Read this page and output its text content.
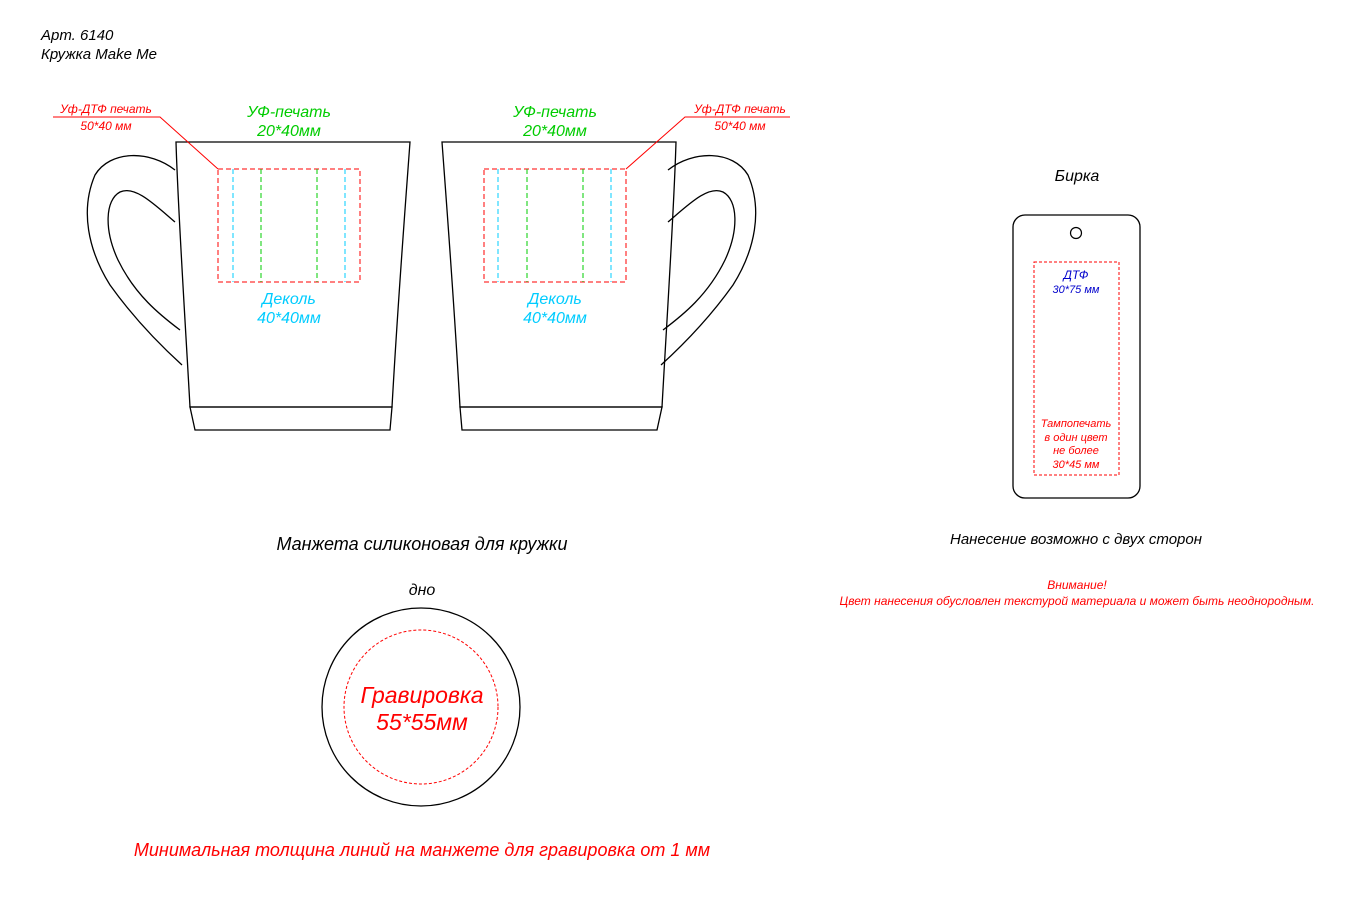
Арт. 6140
Кружка Make Me
Уф-ДТФ печать
50*40 мм
УФ-печать
20*40мм
Деколь
40*40мм
Уф-ДТФ печать
50*40 мм
УФ-печать
20*40мм
Деколь
40*40мм
Бирка
ДТФ
30*75 мм
Тампопечать
в один цвет
не более
30*45 мм
Нанесение возможно с двух сторон
Внимание!
Цвет нанесения обусловлен текстурой материала и может быть неоднородным.
Манжета силиконовая для кружки
дно
Гравировка
55*55мм
Минимальная толщина линий на манжете для гравировка от 1 мм
